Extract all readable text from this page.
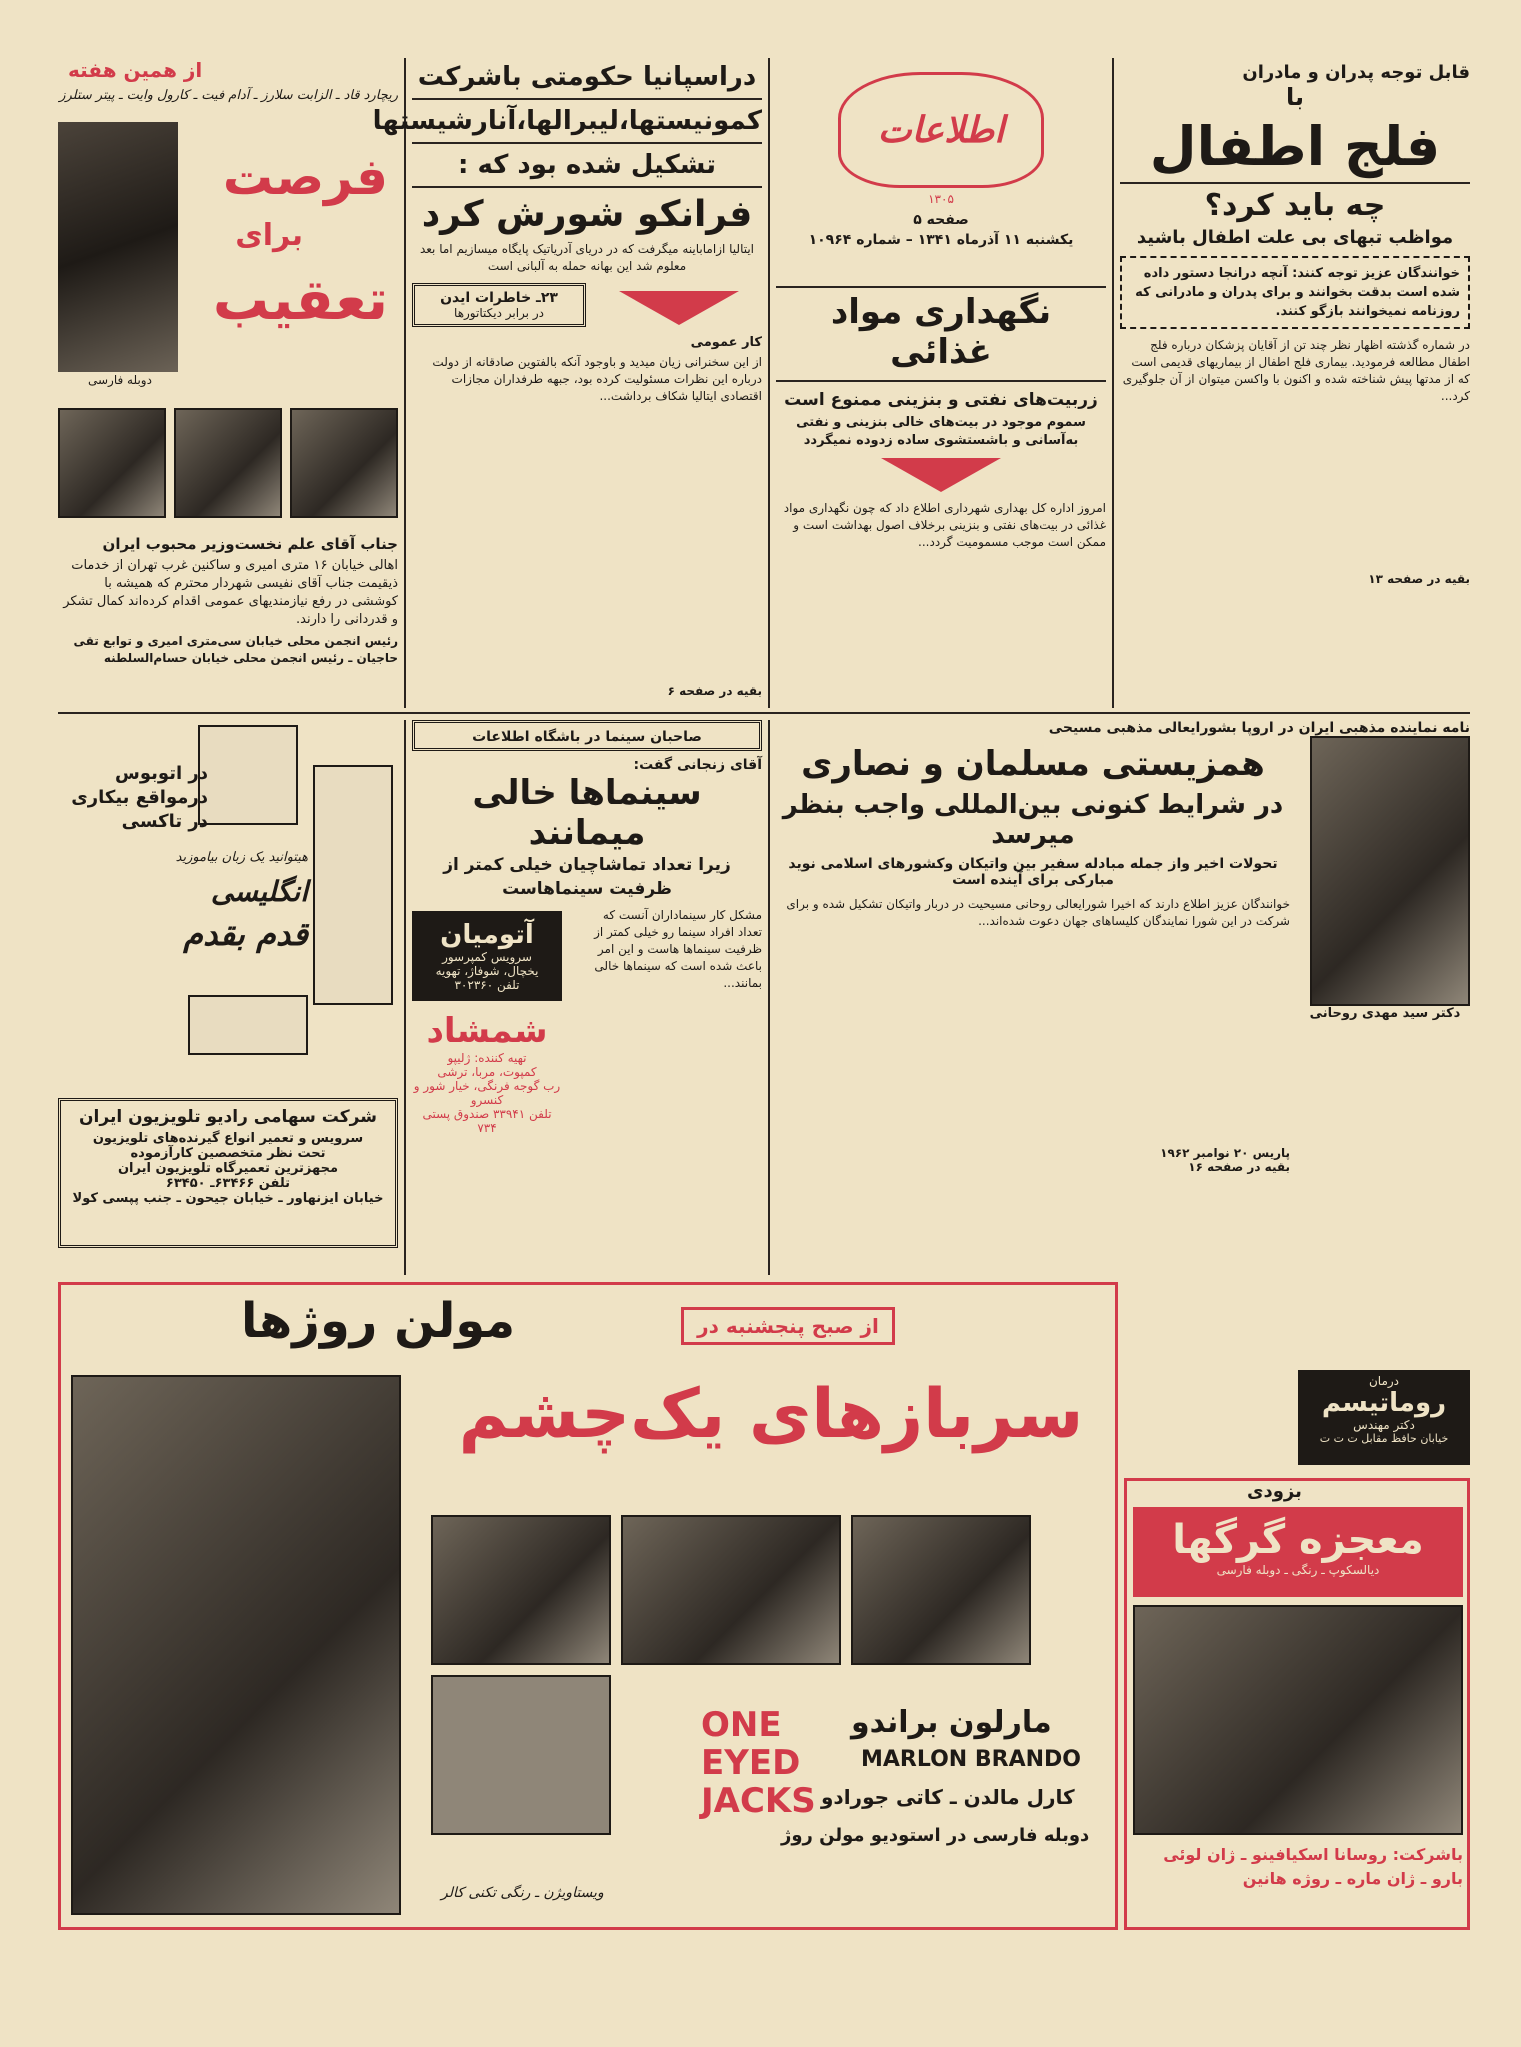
از همین هفته
ریچارد قاد ـ الزابت سلارز ـ آدام فیت ـ کارول وایت ـ پیتر ستلرز
فرصت
برای
تعقیب
دوبله فارسی
جناب آقای علم نخست‌وزیر محبوب ایران
اهالی خیابان ۱۶ متری امیری و ساکنین غرب تهران از خدمات ذیقیمت جناب آقای نفیسی شهردار محترم که همیشه با کوششی در رفع نیازمندیهای عمومی اقدام کرده‌اند کمال تشکر و قدردانی را دارند.
رئیس انجمن محلی خیابان سی‌متری امیری و توابع تقی حاجیان ـ رئیس انجمن محلی خیابان حسام‌السلطنه
دراسپانیا حکومتی باشرکت
کمونیستها،لیبرالها،آنارشیستها
تشکیل شده بود که :
فرانکو شورش کرد
ایتالیا ازاماباینه میگرفت که در دریای آدریاتیک پایگاه میسازیم اما بعد معلوم شد این بهانه حمله به آلبانی است
۲۳ـ خاطرات ایدن
در برابر دیکتاتورها
کار عمومی
از این سخنرانی زیان میدید و باوجود آنکه بالفتوین صادقانه از دولت درباره این نظرات مسئولیت کرده بود، جبهه طرفداران مجازات اقتصادی ایتالیا شکاف برداشت...
بقیه در صفحه ۶
اطلاعات
۱۳۰۵
صفحه ۵
یکشنبه ۱۱ آذرماه ۱۳۴۱ – شماره ۱۰۹۶۴
نگهداری مواد غذائی
زربیت‌های نفتی و بنزینی ممنوع است
سموم موجود در بیت‌های خالی بنزینی و نفتی به‌آسانی و باشستشوی ساده زدوده نمیگردد
امروز اداره کل بهداری شهرداری اطلاع داد که چون نگهداری مواد غذائی در بیت‌های نفتی و بنزینی برخلاف اصول بهداشت است و ممکن است موجب مسمومیت گردد...
قابل توجه پدران و مادران
با
فلج اطفال
چه باید کرد؟
مواظب تبهای بی علت اطفال باشید
خوانندگان عزیز توجه کنند: آنچه درانجا دستور داده شده است بدقت بخوانند و برای پدران و مادرانی که روزنامه نمیخوانند بازگو کنند.
در شماره گذشته اظهار نظر چند تن از آقایان پزشکان درباره فلج اطفال مطالعه فرمودید. بیماری فلج اطفال از بیماریهای قدیمی است که از مدتها پیش شناخته شده و اکنون با واکسن میتوان از آن جلوگیری کرد...
بقیه در صفحه ۱۳
در اتوبوس
درمواقع بیکاری
در تاکسی
هیتوانید یک زبان بیاموزید
انگلیسی
قدم بقدم
شرکت سهامی رادیو تلویزیون ایران
سرویس و تعمیر انواع گیرنده‌های تلویزیون
تحت نظر متخصصین کارآزموده
مجهزترین تعمیرگاه تلویزیون ایران
تلفن ۶۳۴۶۶ـ ۶۳۴۵۰
خیابان ایزنهاور ـ خیابان جیحون ـ جنب پپسی کولا
صاحبان سینما در باشگاه اطلاعات
آقای زنجانی گفت:
سینماها خالی میمانند
زیرا تعداد تماشاچیان خیلی کمتر از ظرفیت سینماهاست
مشکل کار سینماداران آنست که تعداد افراد سینما رو خیلی کمتر از ظرفیت سینماها هاست و این امر باعث شده است که سینماها خالی بمانند...
آتومیان
سرویس کمپرسور
یخچال، شوفاژ، تهویه
تلفن ۳۰۲۳۶۰
شمشاد
تهیه کننده: ژلیپو
کمپوت، مربا، ترشی
رب گوجه فرنگی، خیار شور و کنسرو
تلفن ۳۳۹۴۱ صندوق پستی ۷۳۴
نامه نماینده مذهبی ایران در اروپا بشورایعالی مذهبی مسیحی
همزیستی مسلمان و نصاری
در شرایط کنونی بین‌المللی واجب بنظر میرسد
تحولات اخیر واز جمله مبادله سفیر بین واتیکان وکشورهای اسلامی نوید مبارکی برای آینده است
خوانندگان عزیز اطلاع دارند که اخیرا شورایعالی روحانی مسیحیت در دربار واتیکان تشکیل شده و برای شرکت در این شورا نمایندگان کلیساهای جهان دعوت شده‌اند...
پاریس ۲۰ نوامبر ۱۹۶۲
بقیه در صفحه ۱۶
دکتر سید مهدی روحانی
مولن روژها	از صبح پنجشنبه در
سربازهای یک‌چشم
ONE
EYED
JACKS
مارلون براندو
MARLON BRANDO
کارل مالدن ـ کاتی جورادو
دوبله فارسی در استودیو مولن روژ
ویستاویژن ـ رنگی تکنی کالر
درمان
روماتیسم
دکتر مهندس
خیابان حافظ مقابل ت ت ت
بزودی
معجزه گرگها
دیالسکوپ ـ رنگی ـ دوبله فارسی
باشرکت: روسانا اسکیافینو ـ ژان لوئی بارو ـ ژان ماره ـ روژه هانین
